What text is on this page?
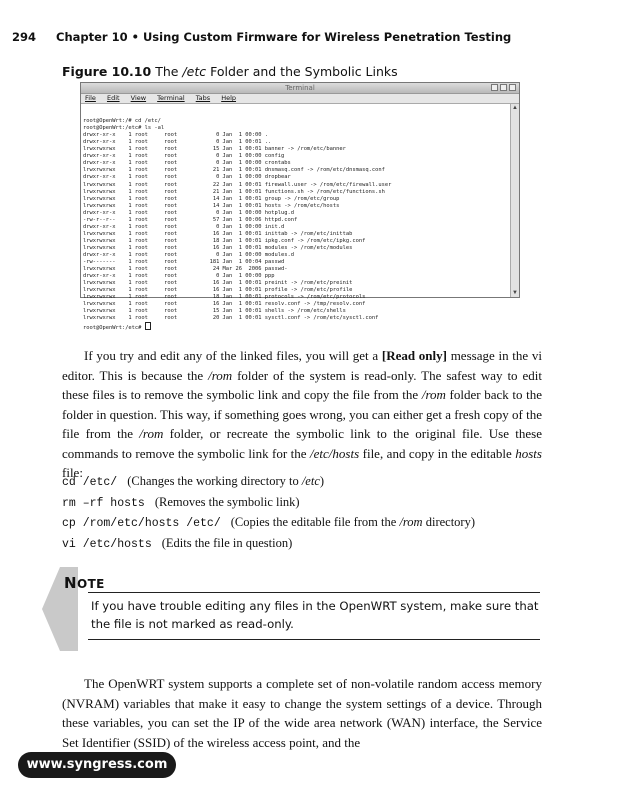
294 Chapter 10 • Using Custom Firmware for Wireless Penetration Testing
Figure 10.10 The /etc Folder and the Symbolic Links
Terminal
File Edit View Terminal Tabs Help

root@OpenWrt:/# cd /etc/
root@OpenWrt:/etc# ls -al
drwxr-xr-x    1 root     root            0 Jan  1 00:00 .
drwxr-xr-x    1 root     root            0 Jan  1 00:01 ..
lrwxrwxrwx    1 root     root           15 Jan  1 00:01 banner -> /rom/etc/banner
drwxr-xr-x    1 root     root            0 Jan  1 00:00 config
drwxr-xr-x    1 root     root            0 Jan  1 00:00 crontabs
lrwxrwxrwx    1 root     root           21 Jan  1 00:01 dnsmasq.conf -> /rom/etc/dnsmasq.conf
drwxr-xr-x    1 root     root            0 Jan  1 00:00 dropbear
lrwxrwxrwx    1 root     root           22 Jan  1 00:01 firewall.user -> /rom/etc/firewall.user
lrwxrwxrwx    1 root     root           21 Jan  1 00:01 functions.sh -> /rom/etc/functions.sh
lrwxrwxrwx    1 root     root           14 Jan  1 00:01 group -> /rom/etc/group
lrwxrwxrwx    1 root     root           14 Jan  1 00:01 hosts -> /rom/etc/hosts
drwxr-xr-x    1 root     root            0 Jan  1 00:00 hotplug.d
-rw-r--r--    1 root     root           57 Jan  1 00:06 httpd.conf
drwxr-xr-x    1 root     root            0 Jan  1 00:00 init.d
lrwxrwxrwx    1 root     root           16 Jan  1 00:01 inittab -> /rom/etc/inittab
lrwxrwxrwx    1 root     root           18 Jan  1 00:01 ipkg.conf -> /rom/etc/ipkg.conf
lrwxrwxrwx    1 root     root           16 Jan  1 00:01 modules -> /rom/etc/modules
drwxr-xr-x    1 root     root            0 Jan  1 00:00 modules.d
-rw-------    1 root     root          181 Jan  1 00:04 passwd
lrwxrwxrwx    1 root     root           24 Mar 26  2006 passwd-
drwxr-xr-x    1 root     root            0 Jan  1 00:00 ppp
lrwxrwxrwx    1 root     root           16 Jan  1 00:01 preinit -> /rom/etc/preinit
lrwxrwxrwx    1 root     root           16 Jan  1 00:01 profile -> /rom/etc/profile
lrwxrwxrwx    1 root     root           18 Jan  1 00:01 protocols -> /rom/etc/protocols
lrwxrwxrwx    1 root     root           16 Jan  1 00:01 resolv.conf -> /tmp/resolv.conf
lrwxrwxrwx    1 root     root           15 Jan  1 00:01 shells -> /rom/etc/shells
lrwxrwxrwx    1 root     root           20 Jan  1 00:01 sysctl.conf -> /rom/etc/sysctl.conf
root@OpenWrt:/etc#

▲
▼
If you try and edit any of the linked files, you will get a [Read only] message in the vi editor. This is because the /rom folder of the system is read-only. The safest way to edit these files is to remove the symbolic link and copy the file from the /rom folder back to the folder in question. This way, if something goes wrong, you can either get a fresh copy of the file from the /rom folder, or recreate the symbolic link to the original file. Use these commands to remove the symbolic link for the /etc/hosts file, and copy in the editable hosts file:
cd /etc/ (Changes the working directory to /etc)
rm –rf hosts (Removes the symbolic link)
cp /rom/etc/hosts /etc/ (Copies the editable file from the /rom directory)
vi /etc/hosts (Edits the file in question)
NOTE
If you have trouble editing any files in the OpenWRT system, make sure that the file is not marked as read-only.
The OpenWRT system supports a complete set of non-volatile random access memory (NVRAM) variables that make it easy to change the system settings of a device. Through these variables, you can set the IP of the wide area network (WAN) interface, the Service Set Identifier (SSID) of the wireless access point, and the
www.syngress.com
